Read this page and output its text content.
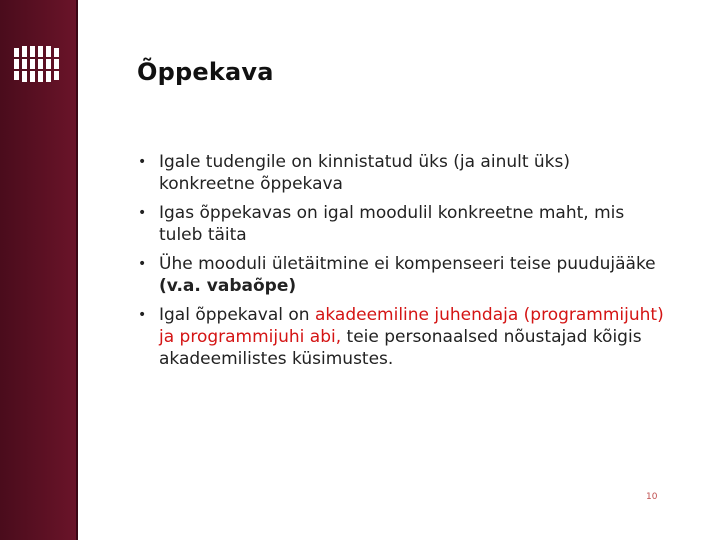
Õppekava
• Igale tudengile on kinnistatud üks (ja ainult üks) konkreetne õppekava
• Igas õppekavas on igal moodulil konkreetne maht, mis tuleb täita
• Ühe mooduli ületäitmine ei kompenseeri teise puudujääke (v.a. vabaõpe)
• Igal õppekaval on akadeemiline juhendaja (programmijuht) ja programmijuhi abi, teie personaalsed nõustajad kõigis akadeemilistes küsimustes.
10
